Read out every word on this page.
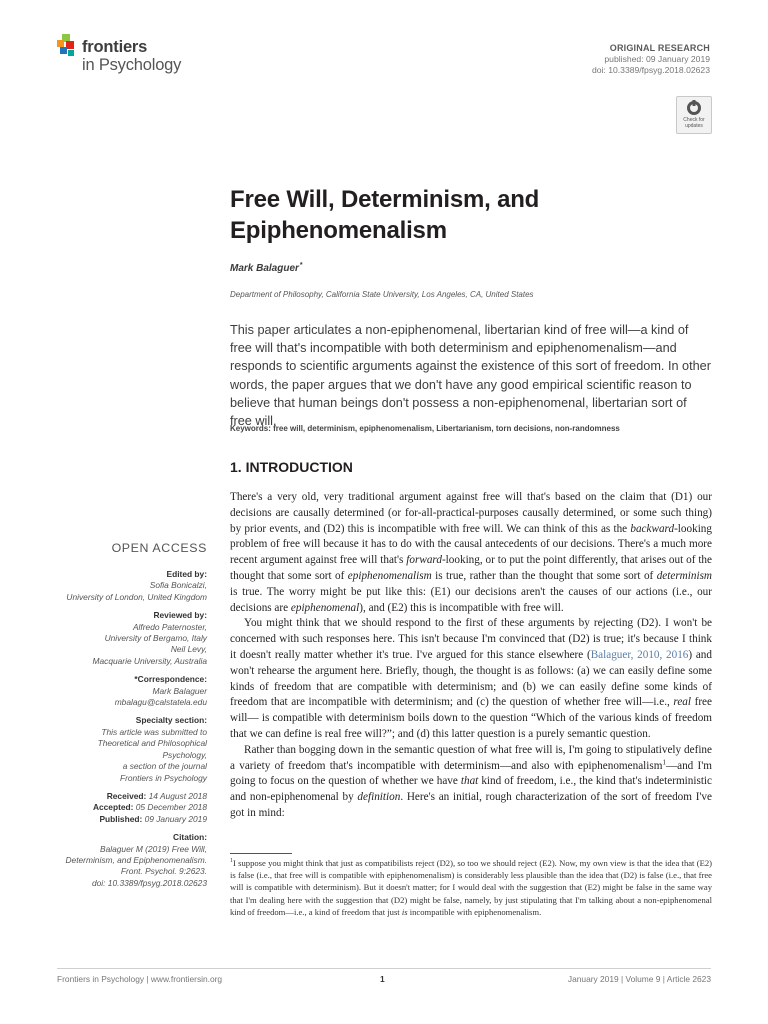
frontiers
in Psychology
ORIGINAL RESEARCH
published: 09 January 2019
doi: 10.3389/fpsyg.2018.02623
Check for
updates
Free Will, Determinism, and
Epiphenomenalism
Mark Balaguer*
Department of Philosophy, California State University, Los Angeles, CA, United States
This paper articulates a non-epiphenomenal, libertarian kind of free will—a kind of free will that's incompatible with both determinism and epiphenomenalism—and responds to scientific arguments against the existence of this sort of freedom. In other words, the paper argues that we don't have any good empirical scientific reason to believe that human beings don't possess a non-epiphenomenal, libertarian sort of free will.
Keywords: free will, determinism, epiphenomenalism, Libertarianism, torn decisions, non-randomness
1. INTRODUCTION

There's a very old, very traditional argument against free will that's based on the claim that (D1) our decisions are causally determined (or for-all-practical-purposes causally determined, or some such thing) by prior events, and (D2) this is incompatible with free will. We can think of this as the backward-looking problem of free will because it has to do with the causal antecedents of our decisions. There's a much more recent argument against free will that's forward-looking, or to put the point differently, that arises out of the thought that some sort of epiphenomenalism is true, rather than the thought that some sort of determinism is true. The worry might be put like this: (E1) our decisions aren't the causes of our actions (i.e., our decisions are epiphenomenal), and (E2) this is incompatible with free will.

You might think that we should respond to the first of these arguments by rejecting (D2). I won't be concerned with such responses here. This isn't because I'm convinced that (D2) is true; it's because I think it doesn't really matter whether it's true. I've argued for this stance elsewhere (Balaguer, 2010, 2016) and won't rehearse the argument here. Briefly, though, the thought is as follows: (a) we can easily define some kinds of freedom that are compatible with determinism; and (b) we can easily define some kinds of freedom that are incompatible with determinism; and (c) the question of whether free will—i.e., real free will— is compatible with determinism boils down to the question “Which of the various kinds of freedom that we can define is real free will?”; and (d) this latter question is a purely semantic question.

Rather than bogging down in the semantic question of what free will is, I'm going to stipulatively define a variety of freedom that's incompatible with determinism—and also with epiphenomenalism$^1$—and I'm going to focus on the question of whether we have that kind of freedom, i.e., the kind that's indeterministic and non-epiphenomenal by definition. Here's an initial, rough characterization of the sort of freedom I've got in mind:

$^1$I suppose you might think that just as compatibilists reject (D2), so too we should reject (E2). Now, my own view is that the idea that (E2) is false (i.e., that free will is compatible with epiphenomenalism) is considerably less plausible than the idea that (D2) is false (i.e., that free will is compatible with determinism). But it doesn't matter; for I would deal with the suggestion that (E2) might be false in the same way that I'm dealing here with the suggestion that (D2) might be false, namely, by just stipulating that I'm talking about a non-epiphenomenal kind of freedom—i.e., a kind of freedom that just is incompatible with epiphenomenalism.
OPEN ACCESS
Edited by:
Sofia Bonicalzi,
University of London, United Kingdom
Reviewed by:
Alfredo Paternoster,
University of Bergamo, Italy
Neil Levy,
Macquarie University, Australia
*Correspondence:
Mark Balaguer
mbalagu@calstatela.edu
Specialty section:
This article was submitted to
Theoretical and Philosophical
Psychology,
a section of the journal
Frontiers in Psychology
Received: 14 August 2018
Accepted: 05 December 2018
Published: 09 January 2019
Citation:
Balaguer M (2019) Free Will,
Determinism, and Epiphenomenalism.
Front. Psychol. 9:2623.
doi: 10.3389/fpsyg.2018.02623
Frontiers in Psychology | www.frontiersin.org	1	January 2019 | Volume 9 | Article 2623
